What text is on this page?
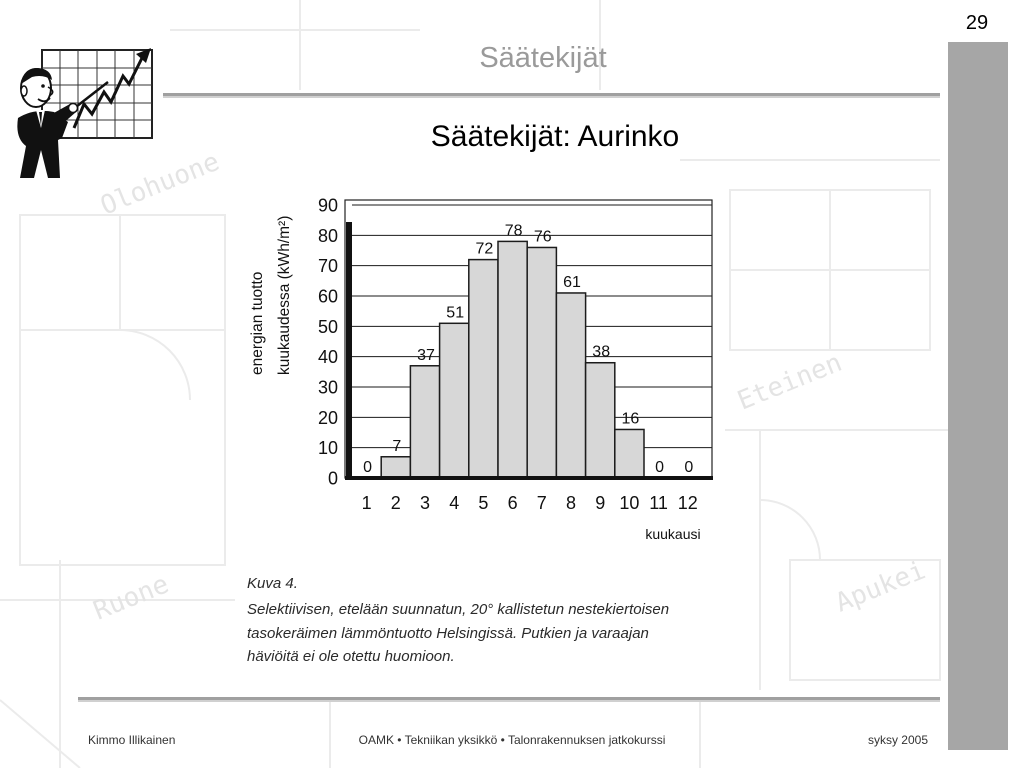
Olohuone
Eteinen
Apukei
Ruone
29
Säätekijät
Säätekijät: Aurinko
0
10
20
30
40
50
60
70
80
90
1
0
2
7
3
37
4
51
5
72
6
78
7
76
8
61
9
38
10
16
11
0
12
0
energian tuotto kuukaudessa (kWh/m²)
kuukausi
Kuva 4.
Selektiivisen, etelään suunnatun, 20° kallistetun nestekiertoisen
tasokeräimen lämmöntuotto Helsingissä. Putkien ja varaajan
häviöitä ei ole otettu huomioon.
Kimmo Illikainen	OAMK • Tekniikan yksikkö • Talonrakennuksen jatkokurssi	syksy 2005
